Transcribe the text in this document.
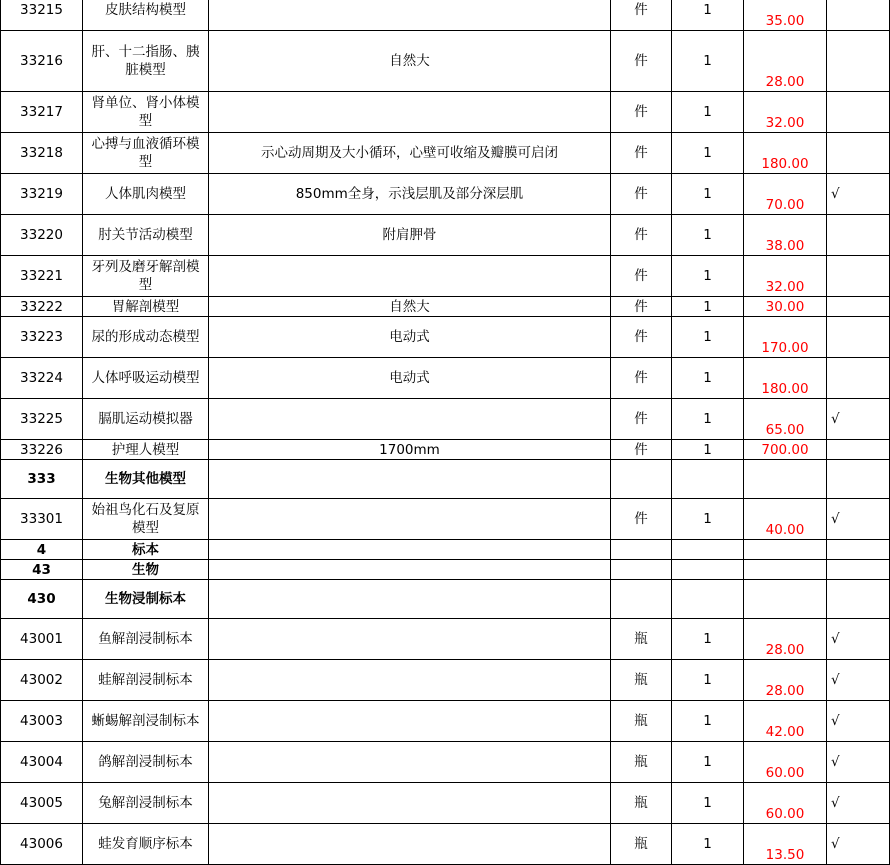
33215	皮肤结构模型		件	1	35.00	
33216	肝、十二指肠、胰脏模型	自然大	件	1	28.00	
33217	肾单位、肾小体模型		件	1	32.00	
33218	心搏与血液循环模型	示心动周期及大小循环，心壁可收缩及瓣膜可启闭	件	1	180.00	
33219	人体肌肉模型	850mm全身，示浅层肌及部分深层肌	件	1	70.00	√
33220	肘关节活动模型	附肩胛骨	件	1	38.00	
33221	牙列及磨牙解剖模型		件	1	32.00	
33222	胃解剖模型	自然大	件	1	30.00	
33223	尿的形成动态模型	电动式	件	1	170.00	
33224	人体呼吸运动模型	电动式	件	1	180.00	
33225	膈肌运动模拟器		件	1	65.00	√
33226	护理人模型	1700mm	件	1	700.00	
333	生物其他模型					
33301	始祖鸟化石及复原模型		件	1	40.00	√
4	标本					
43	生物					
430	生物浸制标本					
43001	鱼解剖浸制标本		瓶	1	28.00	√
43002	蛙解剖浸制标本		瓶	1	28.00	√
43003	蜥蜴解剖浸制标本		瓶	1	42.00	√
43004	鸽解剖浸制标本		瓶	1	60.00	√
43005	兔解剖浸制标本		瓶	1	60.00	√
43006	蛙发育顺序标本		瓶	1	13.50	√
